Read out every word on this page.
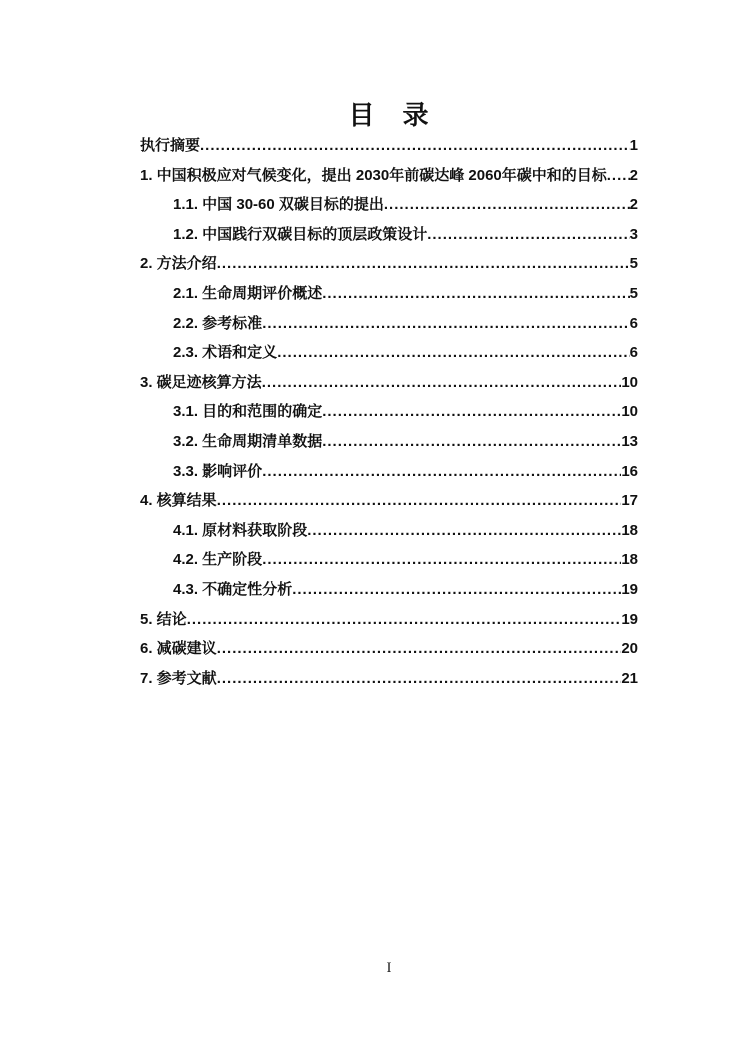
目　录
执行摘要 .....	1
1. 中国积极应对气候变化，提出 2030年前碳达峰 2060年碳中和的目标 ..... 2
1.1. 中国 30-60 双碳目标的提出 .....	2
1.2. 中国践行双碳目标的顶层政策设计 .....	3
2. 方法介绍 .....	5
2.1. 生命周期评价概述 .....	5
2.2. 参考标准 .....	6
2.3. 术语和定义 .....	6
3. 碳足迹核算方法 .....	10
3.1. 目的和范围的确定 .....	10
3.2. 生命周期清单数据 .....	13
3.3. 影响评价 .....	16
4. 核算结果 .....	17
4.1. 原材料获取阶段 .....	18
4.2. 生产阶段 .....	18
4.3. 不确定性分析 .....	19
5. 结论 .....	19
6. 减碳建议 .....	20
7. 参考文献 .....	21
I
